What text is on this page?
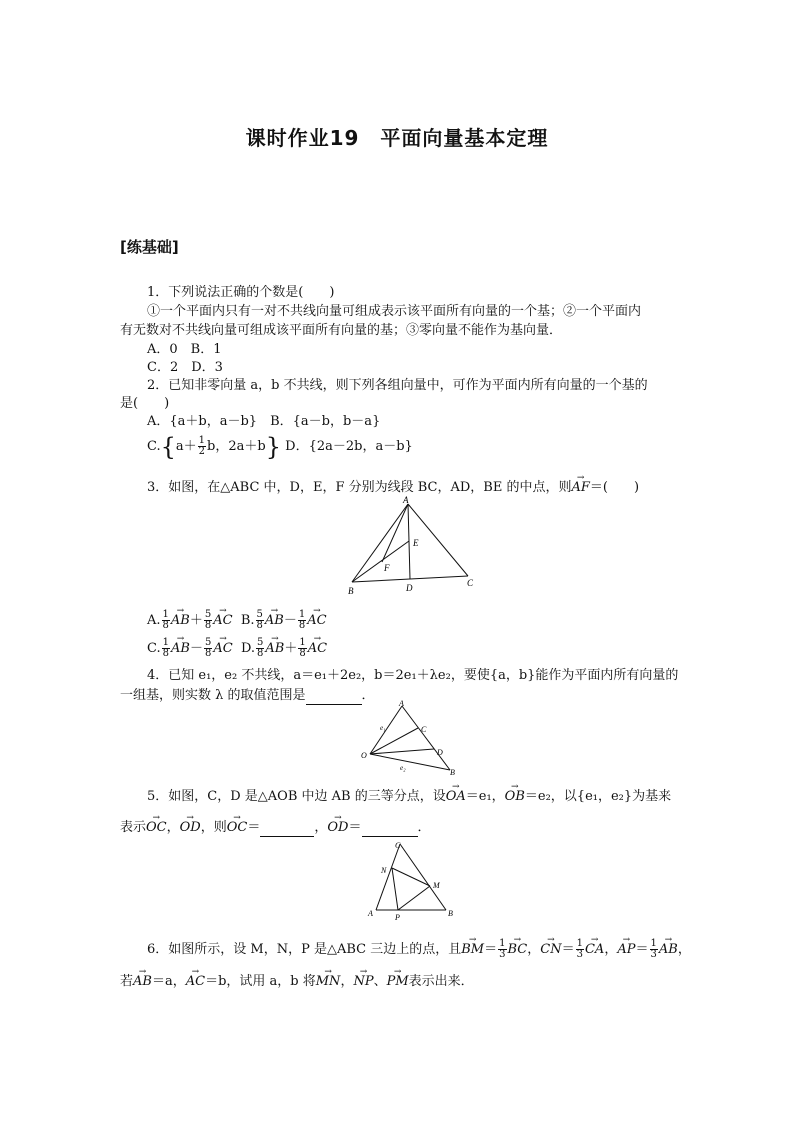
课时作业19　平面向量基本定理
[练基础]
1．下列说法正确的个数是(　　)
①一个平面内只有一对不共线向量可组成表示该平面所有向量的一个基；②一个平面内
有无数对不共线向量可组成该平面所有向量的基；③零向量不能作为基向量．
A．0　B．1
C．2　D．3
2．已知非零向量 a，b 不共线，则下列各组向量中，可作为平面内所有向量的一个基的
是(　　)
A．{a＋b，a－b}　 B．{a－b，b－a}
$C.\{a+ \frac{1}{2}$ b，2a＋b} D．{2a－2b，a－b}
3．如图，在△ABC 中，D，E，F 分别为线段 BC，AD，BE 的中点，则→ AF＝(　　)
A
B
C
D
E
F
A. $\frac{1}{8}$
→ $AB+ \frac{5}{8}$
→ AC B. $\frac{5}{8}$
→ $AB- \frac{1}{8}$
→ AC
C. $\frac{1}{8}$
→ $AB- \frac{5}{8}$
→ AC D. $\frac{5}{8}$
→ $AB+ \frac{1}{8}$
→ AC
4．已知 e₁，e₂ 不共线，a＝e₁＋2e₂，b＝2e₁＋λe₂，要使{a，b}能作为平面内所有向量的
一组基，则实数 λ 的取值范围是	．
A
O
C
D
B
e₁
e₂
5．如图，C，D 是△AOB 中边 AB 的三等分点，设→ OA＝e₁，→ OB＝e₂，以{e₁，e₂}为基来
表示→ OC，→ OD，则→ OC＝	，→ OD＝	．
C
N
M
A	P	B
6．如图所示，设 M，N，P 是△ABC 三边上的点，且→ $BM= \frac{1}{3}$
→ BC，→ $CN= \frac{1}{3}$
→ CA，→ $AP= \frac{1}{3}$
→ AB，
若→ AB＝a，→ AC＝b，试用 a，b 将→ MN，→ NP、→ PM表示出来．
